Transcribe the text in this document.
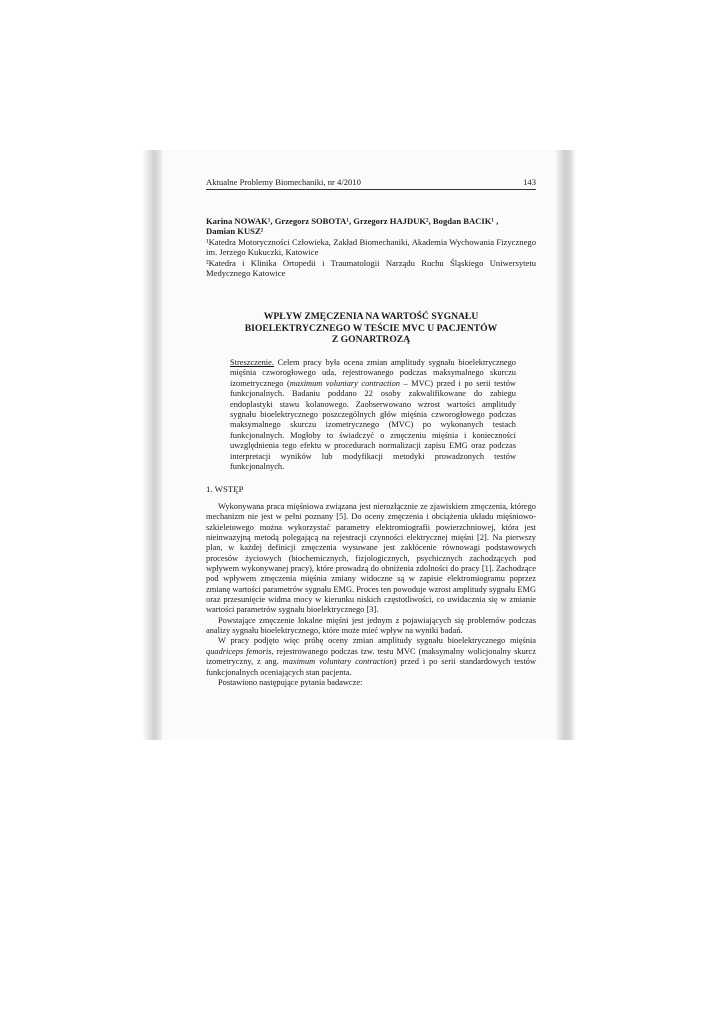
Aktualne Problemy Biomechaniki, nr 4/2010	143
Karina NOWAK¹, Grzegorz SOBOTA¹, Grzegorz HAJDUK², Bogdan BACIK¹ ,
Damian KUSZ²
¹Katedra Motoryczności Człowieka, Zakład Biomechaniki, Akademia Wychowania Fizycznego im. Jerzego Kukuczki, Katowice
²Katedra i Klinika Ortopedii i Traumatologii Narządu Ruchu Śląskiego Uniwersytetu Medycznego Katowice
WPŁYW ZMĘCZENIA NA WARTOŚĆ SYGNAŁU
BIOELEKTRYCZNEGO W TEŚCIE MVC U PACJENTÓW
Z GONARTROZĄ
Streszczenie. Celem pracy była ocena zmian amplitudy sygnału bioelektrycznego mięśnia czworogłowego uda, rejestrowanego podczas maksymalnego skurczu izometrycznego (maximum voluntary contraction – MVC) przed i po serii testów funkcjonalnych. Badaniu poddano 22 osoby zakwalifikowane do zabiegu endoplastyki stawu kolanowego. Zaobserwowano wzrost wartości amplitudy sygnału bioelektrycznego poszczególnych głów mięśnia czworogłowego podczas maksymalnego skurczu izometrycznego (MVC) po wykonanych testach funkcjonalnych. Mogłoby to świadczyć o zmęczeniu mięśnia i konieczności uwzględnienia tego efektu w procedurach normalizacji zapisu EMG oraz podczas interpretacji wyników lub modyfikacji metodyki prowadzonych testów funkcjonalnych.
1. WSTĘP

Wykonywana praca mięśniowa związana jest nierozłącznie ze zjawiskiem zmęczenia, którego mechanizm nie jest w pełni poznany [5]. Do oceny zmęczenia i obciążenia układu mięśniowo-szkieletowego można wykorzystać parametry elektromiografii powierzchniowej, która jest nieinwazyjną metodą polegającą na rejestracji czynności elektrycznej mięśni [2]. Na pierwszy plan, w każdej definicji zmęczenia wysuwane jest zakłócenie równowagi podstawowych procesów życiowych (biochemicznych, fizjologicznych, psychicznych zachodzących pod wpływem wykonywanej pracy), które prowadzą do obniżenia zdolności do pracy [1]. Zachodzące pod wpływem zmęczenia mięśnia zmiany widoczne są w zapisie elektromiogramu poprzez zmianę wartości parametrów sygnału EMG. Proces ten powoduje wzrost amplitudy sygnału EMG oraz przesunięcie widma mocy w kierunku niskich częstotliwości, co uwidacznia się w zmianie wartości parametrów sygnału bioelektrycznego [3].

Powstające zmęczenie lokalne mięśni jest jednym z pojawiających się problemów podczas analizy sygnału bioelektrycznego, które może mieć wpływ na wyniki badań.

W pracy podjęto więc próbę oceny zmian amplitudy sygnału bioelektrycznego mięśnia quadriceps femoris, rejestrowanego podczas tzw. testu MVC (maksymalny wolicjonalny skurcz izometryczny, z ang. maximum voluntary contraction) przed i po serii standardowych testów funkcjonalnych oceniających stan pacjenta.

Postawiono następujące pytania badawcze:
